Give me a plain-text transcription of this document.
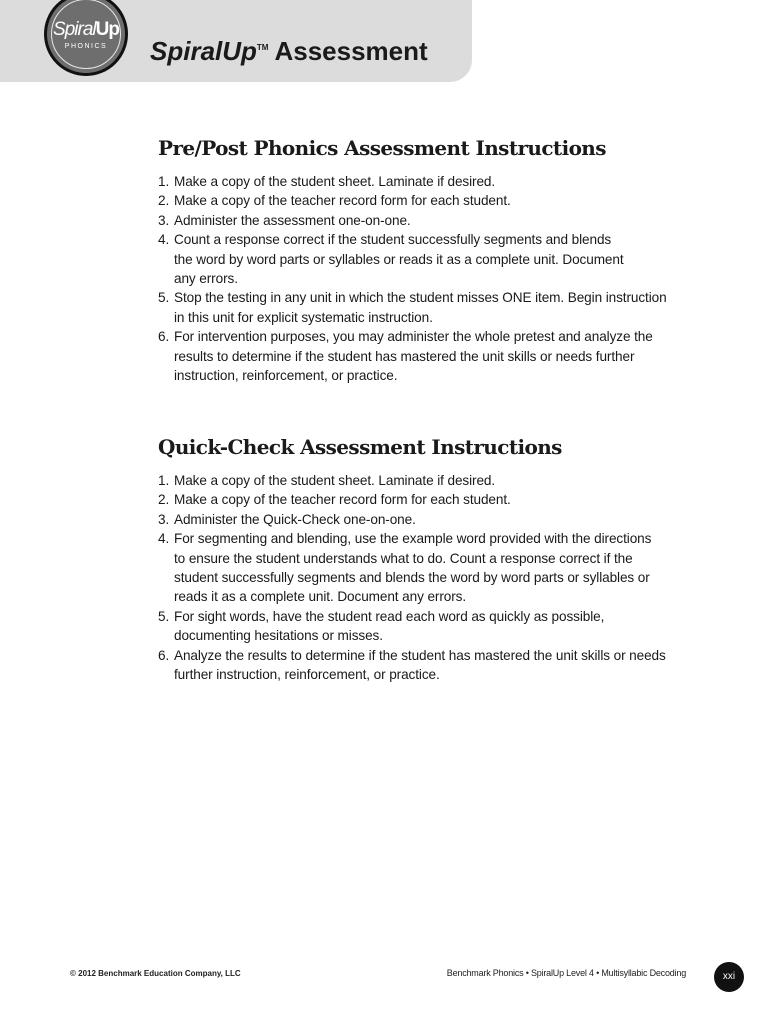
SpiralUp
PHONICS	SpiralUp™ Assessment
Pre/Post Phonics Assessment Instructions
1. Make a copy of the student sheet. Laminate if desired.
2. Make a copy of the teacher record form for each student.
3. Administer the assessment one-on-one.
4. Count a response correct if the student successfully segments and blends
the word by word parts or syllables or reads it as a complete unit. Document
any errors.
5. Stop the testing in any unit in which the student misses ONE item. Begin instruction
in this unit for explicit systematic instruction.
6. For intervention purposes, you may administer the whole pretest and analyze the
results to determine if the student has mastered the unit skills or needs further
instruction, reinforcement, or practice.
Quick-Check Assessment Instructions
1. Make a copy of the student sheet. Laminate if desired.
2. Make a copy of the teacher record form for each student.
3. Administer the Quick-Check one-on-one.
4. For segmenting and blending, use the example word provided with the directions
to ensure the student understands what to do. Count a response correct if the
student successfully segments and blends the word by word parts or syllables or
reads it as a complete unit. Document any errors.
5. For sight words, have the student read each word as quickly as possible,
documenting hesitations or misses.
6. Analyze the results to determine if the student has mastered the unit skills or needs
further instruction, reinforcement, or practice.
© 2012 Benchmark Education Company, LLC	Benchmark Phonics • SpiralUp Level 4 • Multisyllabic Decoding	xxi
